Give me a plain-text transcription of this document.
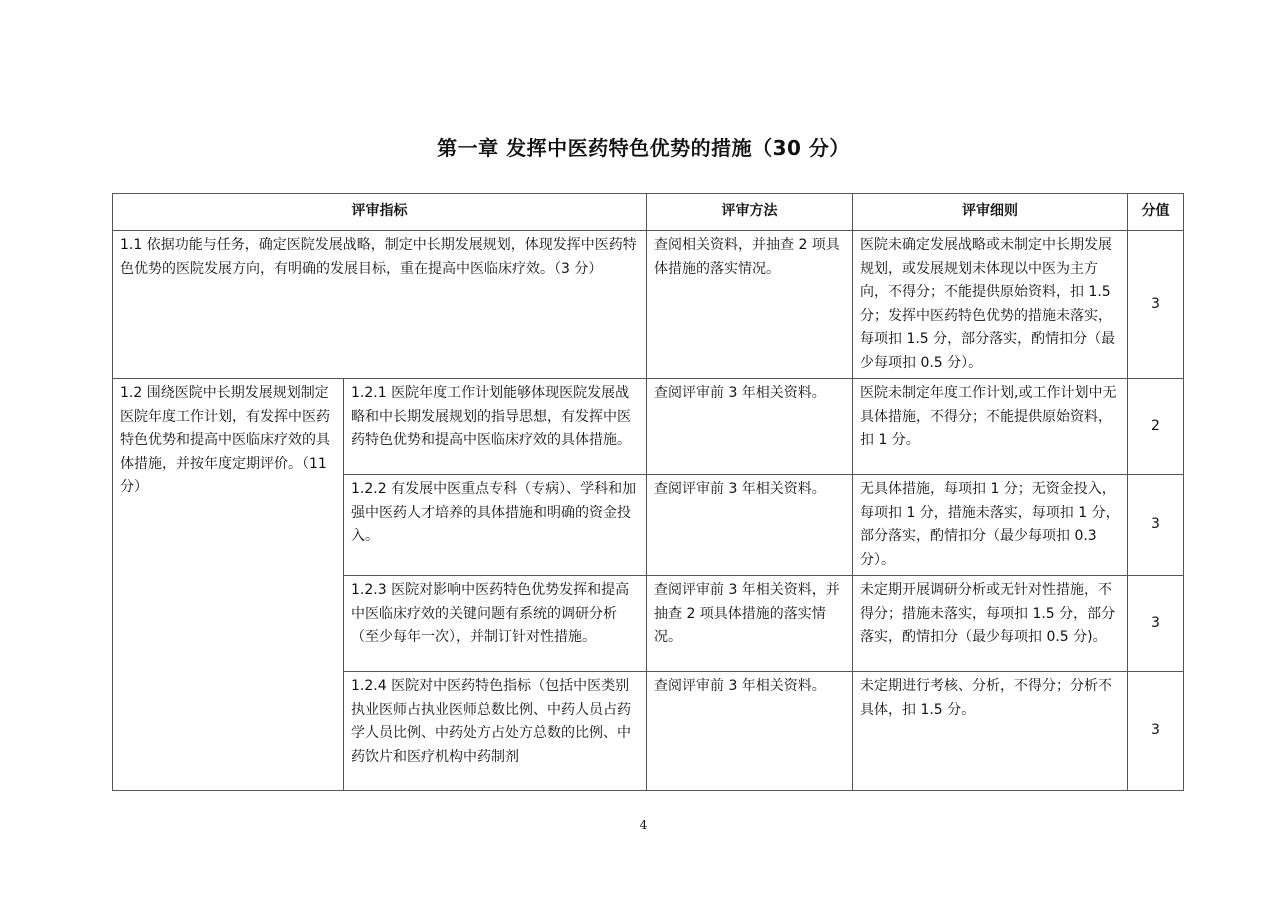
第一章 发挥中医药特色优势的措施（30 分）
评审指标		评审方法	评审细则	分值
1.1 依据功能与任务，确定医院发展战略，制定中长期发展规划，体现发挥中医药特色优势的医院发展方向，有明确的发展目标，重在提高中医临床疗效。（3 分）		查阅相关资料，并抽查 2 项具体措施的落实情况。	医院未确定发展战略或未制定中长期发展规划，或发展规划未体现以中医为主方向，不得分；不能提供原始资料，扣 1.5 分；发挥中医药特色优势的措施未落实，每项扣 1.5 分，部分落实，酌情扣分（最少每项扣 0.5 分）。	3
1.2 围绕医院中长期发展规划制定医院年度工作计划，有发挥中医药特色优势和提高中医临床疗效的具体措施，并按年度定期评价。（11 分）	1.2.1 医院年度工作计划能够体现医院发展战略和中长期发展规划的指导思想，有发挥中医药特色优势和提高中医临床疗效的具体措施。	查阅评审前 3 年相关资料。	医院未制定年度工作计划,或工作计划中无具体措施，不得分；不能提供原始资料，扣 1 分。	2
	1.2.2 有发展中医重点专科（专病）、学科和加强中医药人才培养的具体措施和明确的资金投入。	查阅评审前 3 年相关资料。	无具体措施，每项扣 1 分；无资金投入，每项扣 1 分，措施未落实，每项扣 1 分，部分落实，酌情扣分（最少每项扣 0.3 分）。	3
	1.2.3 医院对影响中医药特色优势发挥和提高中医临床疗效的关键问题有系统的调研分析（至少每年一次），并制订针对性措施。	查阅评审前 3 年相关资料，并抽查 2 项具体措施的落实情况。	未定期开展调研分析或无针对性措施，不得分；措施未落实，每项扣 1.5 分，部分落实，酌情扣分（最少每项扣 0.5 分)。	3
	1.2.4 医院对中医药特色指标（包括中医类别执业医师占执业医师总数比例、中药人员占药学人员比例、中药处方占处方总数的比例、中药饮片和医疗机构中药制剂	查阅评审前 3 年相关资料。	未定期进行考核、分析，不得分；分析不具体，扣 1.5 分。	3
4
